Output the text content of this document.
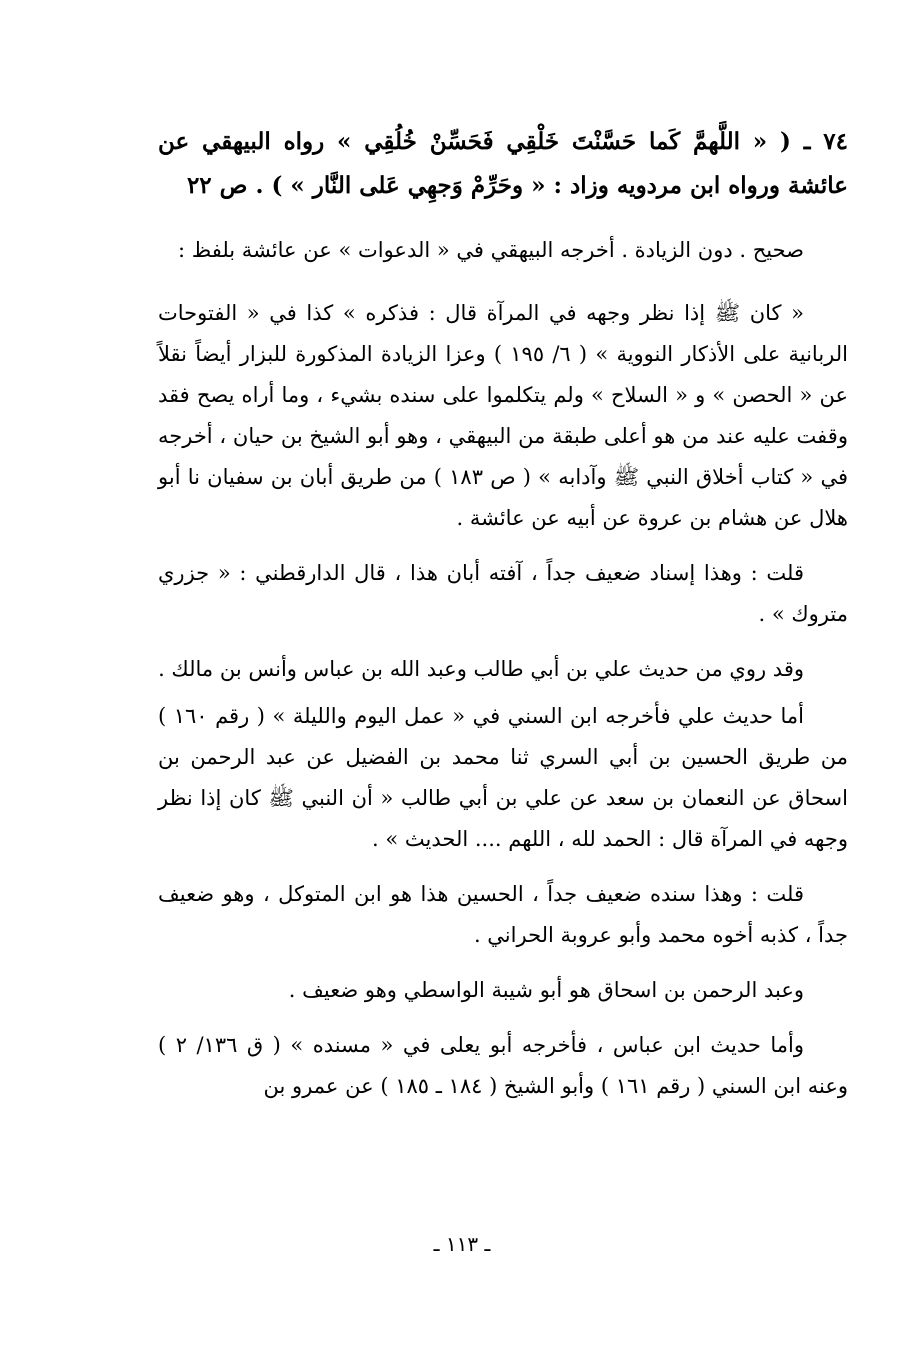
٧٤ ـ ( « اللَّهمَّ كَما حَسَّنْتَ خَلْقِي فَحَسِّنْ خُلُقِي » رواه البيهقي عن عائشة ورواه ابن مردويه وزاد : « وحَرِّمْ وَجهِي عَلى النَّار » ) . ص ٢٢

صحيح . دون الزيادة . أخرجه البيهقي في « الدعوات » عن عائشة بلفظ :

« كان ﷺ إذا نظر وجهه في المرآة قال : فذكره » كذا في « الفتوحات الربانية على الأذكار النووية » ( ٦/ ١٩٥ ) وعزا الزيادة المذكورة للبزار أيضاً نقلاً عن « الحصن » و « السلاح » ولم يتكلموا على سنده بشيء ، وما أراه يصح فقد وقفت عليه عند من هو أعلى طبقة من البيهقي ، وهو أبو الشيخ بن حيان ، أخرجه في « كتاب أخلاق النبي ﷺ وآدابه » ( ص ١٨٣ ) من طريق أبان بن سفيان نا أبو هلال عن هشام بن عروة عن أبيه عن عائشة .

قلت : وهذا إسناد ضعيف جداً ، آفته أبان هذا ، قال الدارقطني : « جزري متروك » .

وقد روي من حديث علي بن أبي طالب وعبد الله بن عباس وأنس بن مالك .

أما حديث علي فأخرجه ابن السني في « عمل اليوم والليلة » ( رقم ١٦٠ ) من طريق الحسين بن أبي السري ثنا محمد بن الفضيل عن عبد الرحمن بن اسحاق عن النعمان بن سعد عن علي بن أبي طالب « أن النبي ﷺ كان إذا نظر وجهه في المرآة قال : الحمد لله ، اللهم .... الحديث » .

قلت : وهذا سنده ضعيف جداً ، الحسين هذا هو ابن المتوكل ، وهو ضعيف جداً ، كذبه أخوه محمد وأبو عروبة الحراني .

وعبد الرحمن بن اسحاق هو أبو شيبة الواسطي وهو ضعيف .

وأما حديث ابن عباس ، فأخرجه أبو يعلى في « مسنده » ( ق ١٣٦/ ٢ ) وعنه ابن السني ( رقم ١٦١ ) وأبو الشيخ ( ١٨٤ ـ ١٨٥ ) عن عمرو بن

ـ ١١٣ ـ
